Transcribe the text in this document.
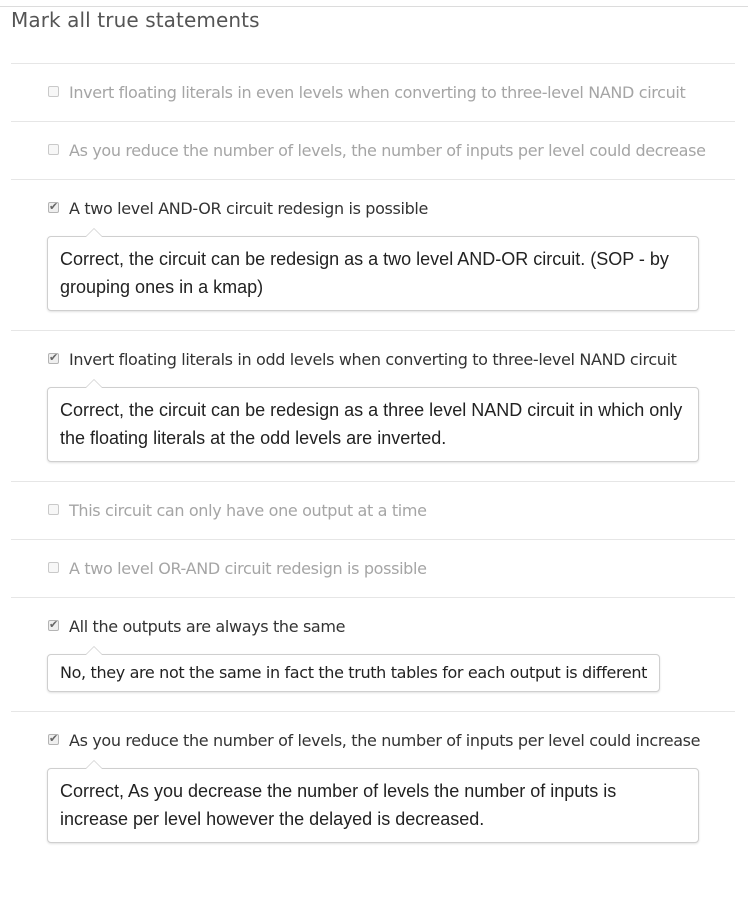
Mark all true statements
Invert floating literals in even levels when converting to three-level NAND circuit
As you reduce the number of levels, the number of inputs per level could decrease
✔ A two level AND-OR circuit redesign is possible
Correct, the circuit can be redesign as a two level AND-OR circuit. (SOP - by grouping ones in a kmap)
✔ Invert floating literals in odd levels when converting to three-level NAND circuit
Correct, the circuit can be redesign as a three level NAND circuit in which only the floating literals at the odd levels are inverted.
This circuit can only have one output at a time
A two level OR-AND circuit redesign is possible
✔ All the outputs are always the same
No, they are not the same in fact the truth tables for each output is different
✔ As you reduce the number of levels, the number of inputs per level could increase
Correct, As you decrease the number of levels the number of inputs is increase per level however the delayed is decreased.
